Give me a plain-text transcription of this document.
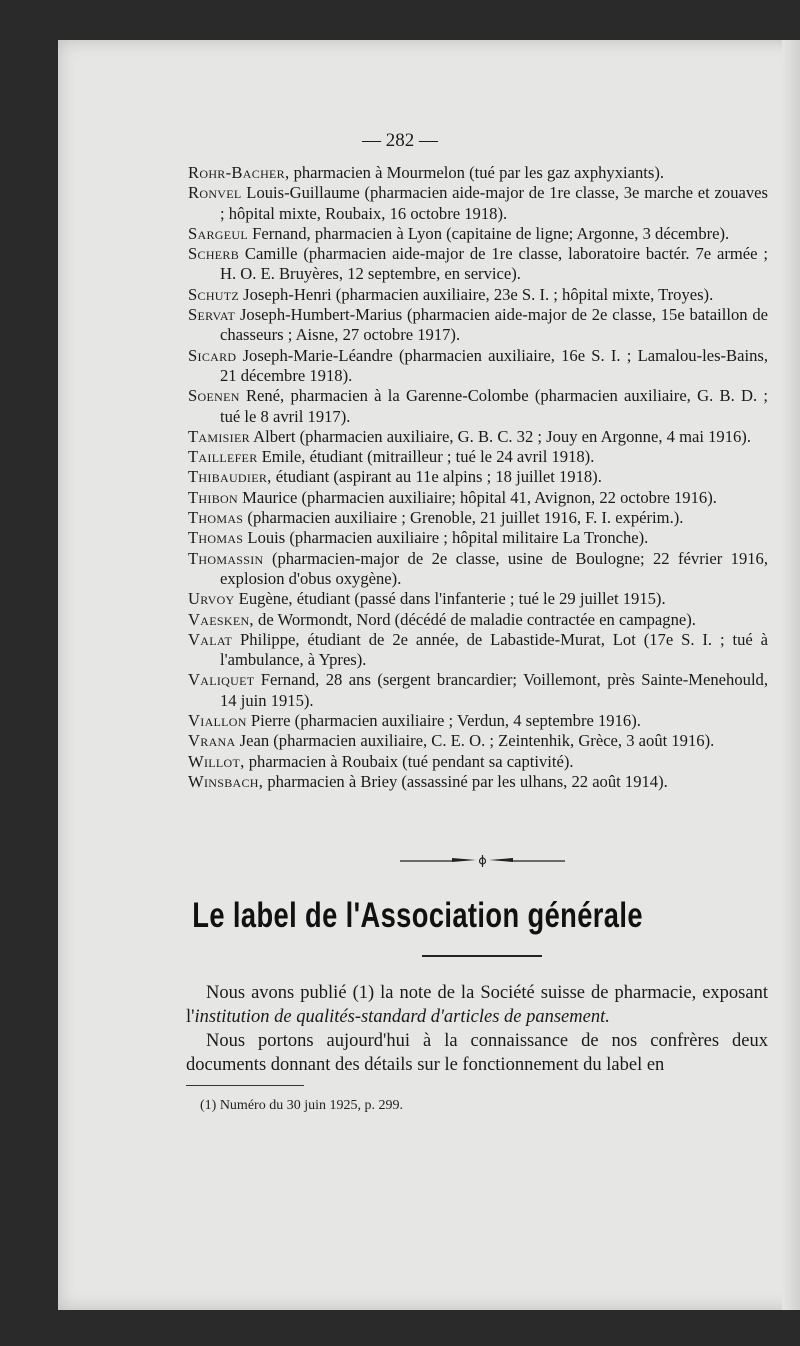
— 282 —
Rohr-Bacher, pharmacien à Mourmelon (tué par les gaz axphyxiants).
Ronvel Louis-Guillaume (pharmacien aide-major de 1re classe, 3e marche et zouaves ; hôpital mixte, Roubaix, 16 octobre 1918).
Sargeul Fernand, pharmacien à Lyon (capitaine de ligne; Argonne, 3 décembre).
Scherb Camille (pharmacien aide-major de 1re classe, laboratoire bactér. 7e armée ; H. O. E. Bruyères, 12 septembre, en service).
Schutz Joseph-Henri (pharmacien auxiliaire, 23e S. I. ; hôpital mixte, Troyes).
Servat Joseph-Humbert-Marius (pharmacien aide-major de 2e classe, 15e bataillon de chasseurs ; Aisne, 27 octobre 1917).
Sicard Joseph-Marie-Léandre (pharmacien auxiliaire, 16e S. I. ; Lamalou-les-Bains, 21 décembre 1918).
Soenen René, pharmacien à la Garenne-Colombe (pharmacien auxiliaire, G. B. D. ; tué le 8 avril 1917).
Tamisier Albert (pharmacien auxiliaire, G. B. C. 32 ; Jouy en Argonne, 4 mai 1916).
Taillefer Emile, étudiant (mitrailleur ; tué le 24 avril 1918).
Thibaudier, étudiant (aspirant au 11e alpins ; 18 juillet 1918).
Thibon Maurice (pharmacien auxiliaire; hôpital 41, Avignon, 22 octobre 1916).
Thomas (pharmacien auxiliaire ; Grenoble, 21 juillet 1916, F. I. expérim.).
Thomas Louis (pharmacien auxiliaire ; hôpital militaire La Tronche).
Thomassin (pharmacien-major de 2e classe, usine de Boulogne; 22 février 1916, explosion d'obus oxygène).
Urvoy Eugène, étudiant (passé dans l'infanterie ; tué le 29 juillet 1915).
Vaesken, de Wormondt, Nord (décédé de maladie contractée en campagne).
Valat Philippe, étudiant de 2e année, de Labastide-Murat, Lot (17e S. I. ; tué à l'ambulance, à Ypres).
Valiquet Fernand, 28 ans (sergent brancardier; Voillemont, près Sainte-Menehould, 14 juin 1915).
Viallon Pierre (pharmacien auxiliaire ; Verdun, 4 septembre 1916).
Vrana Jean (pharmacien auxiliaire, C. E. O. ; Zeintenhik, Grèce, 3 août 1916).
Willot, pharmacien à Roubaix (tué pendant sa captivité).
Winsbach, pharmacien à Briey (assassiné par les ulhans, 22 août 1914).
Le label de l'Association générale

Nous avons publié (1) la note de la Société suisse de pharmacie, exposant l'institution de qualités-standard d'articles de pansement.

Nous portons aujourd'hui à la connaissance de nos confrères deux documents donnant des détails sur le fonctionnement du label en

(1) Numéro du 30 juin 1925, p. 299.
